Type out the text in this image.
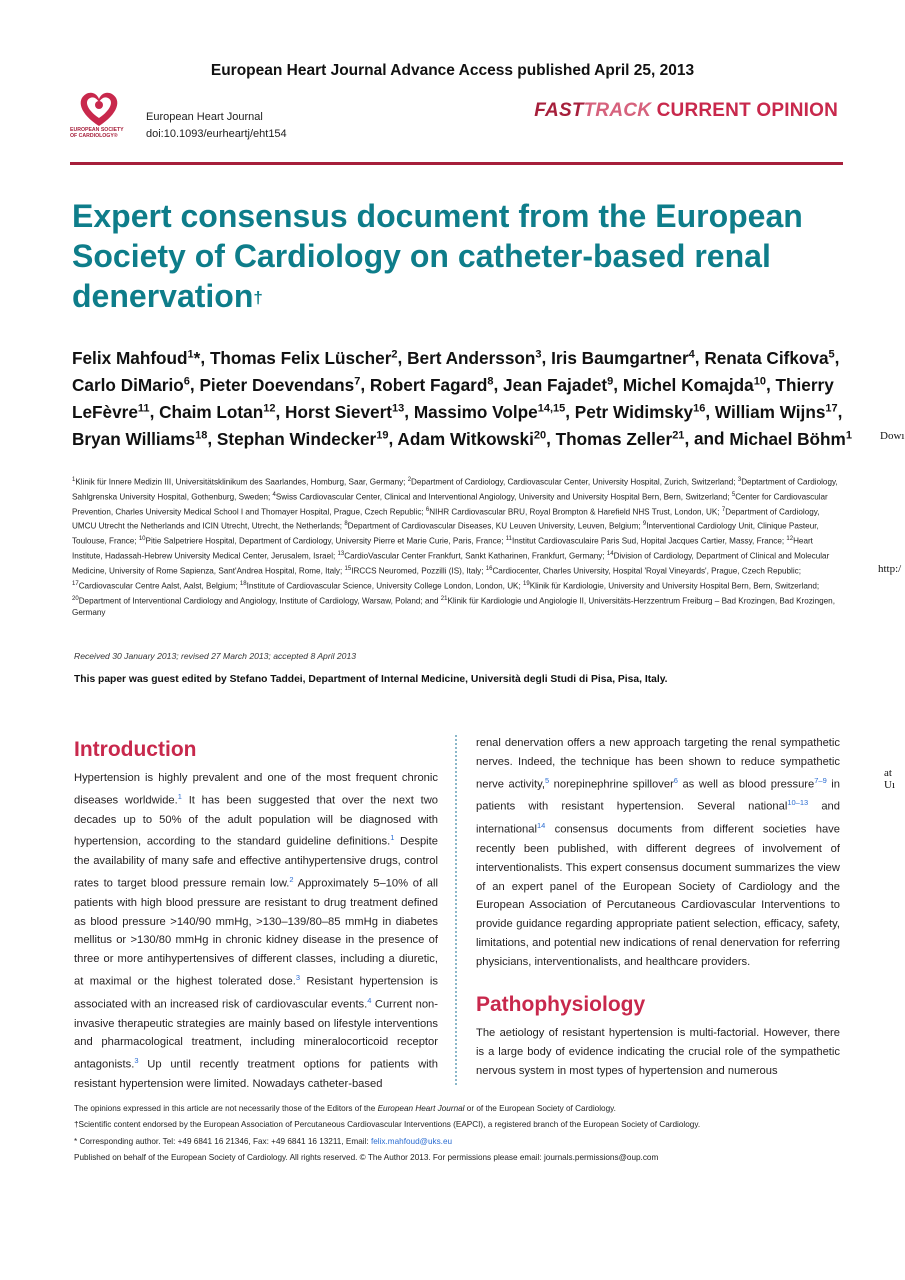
European Heart Journal Advance Access published April 25, 2013
EUROPEAN SOCIETY OF CARDIOLOGY®
European Heart Journal
doi:10.1093/eurheartj/eht154
FASTTRACK CURRENT OPINION
Expert consensus document from the European Society of Cardiology on catheter-based renal denervation†
Felix Mahfoud$^1$*, Thomas Felix Lüscher$^2$, Bert Andersson$^3$, Iris Baumgartner$^4$, Renata Cifkova$^5$, Carlo DiMario$^6$, Pieter Doevendans$^7$, Robert Fagard$^8$, Jean Fajadet$^9$, Michel Komajda$^{10}$, Thierry LeFèvre$^{11}$, Chaim Lotan$^{12}$, Horst Sievert$^{13}$, Massimo Volpe$^{14,15}$, Petr Widimsky$^{16}$, William Wijns$^{17}$, Bryan Williams$^{18}$, Stephan Windecker$^{19}$, Adam Witkowski$^{20}$, Thomas Zeller$^{21}$, and Michael Böhm$^1$
$^1$Klinik für Innere Medizin III, Universitätsklinikum des Saarlandes, Homburg, Saar, Germany; $^2$Department of Cardiology, Cardiovascular Center, University Hospital, Zurich, Switzerland; $^3$Deptartment of Cardiology, Sahlgrenska University Hospital, Gothenburg, Sweden; $^4$Swiss Cardiovascular Center, Clinical and Interventional Angiology, University and University Hospital Bern, Bern, Switzerland; $^5$Center for Cardiovascular Prevention, Charles University Medical School I and Thomayer Hospital, Prague, Czech Republic; $^6$NIHR Cardiovascular BRU, Royal Brompton & Harefield NHS Trust, London, UK; $^7$Department of Cardiology, UMCU Utrecht the Netherlands and ICIN Utrecht, Utrecht, the Netherlands; $^8$Department of Cardiovascular Diseases, KU Leuven University, Leuven, Belgium; $^9$Interventional Cardiology Unit, Clinique Pasteur, Toulouse, France; $^{10}$Pitie Salpetriere Hospital, Department of Cardiology, University Pierre et Marie Curie, Paris, France; $^{11}$Institut Cardiovasculaire Paris Sud, Hopital Jacques Cartier, Massy, France; $^{12}$Heart Institute, Hadassah-Hebrew University Medical Center, Jerusalem, Israel; $^{13}$CardioVascular Center Frankfurt, Sankt Katharinen, Frankfurt, Germany; $^{14}$Division of Cardiology, Department of Clinical and Molecular Medicine, University of Rome Sapienza, Sant'Andrea Hospital, Rome, Italy; $^{15}$IRCCS Neuromed, Pozzilli (IS), Italy; $^{16}$Cardiocenter, Charles University, Hospital 'Royal Vineyards', Prague, Czech Republic; $^{17}$Cardiovascular Centre Aalst, Aalst, Belgium; $^{18}$Institute of Cardiovascular Science, University College London, London, UK; $^{19}$Klinik für Kardiologie, University and University Hospital Bern, Bern, Switzerland; $^{20}$Department of Interventional Cardiology and Angiology, Institute of Cardiology, Warsaw, Poland; and $^{21}$Klinik für Kardiologie und Angiologie II, Universitäts-Herzzentrum Freiburg – Bad Krozingen, Bad Krozingen, Germany
Received 30 January 2013; revised 27 March 2013; accepted 8 April 2013
This paper was guest edited by Stefano Taddei, Department of Internal Medicine, Università degli Studi di Pisa, Pisa, Italy.
Introduction
Hypertension is highly prevalent and one of the most frequent chronic diseases worldwide.$^1$ It has been suggested that over the next two decades up to 50% of the adult population will be diagnosed with hypertension, according to the standard guideline definitions.$^1$ Despite the availability of many safe and effective antihypertensive drugs, control rates to target blood pressure remain low.$^2$ Approximately 5–10% of all patients with high blood pressure are resistant to drug treatment defined as blood pressure >140/90 mmHg, >130–139/80–85 mmHg in diabetes mellitus or >130/80 mmHg in chronic kidney disease in the presence of three or more antihypertensives of different classes, including a diuretic, at maximal or the highest tolerated dose.$^3$ Resistant hypertension is associated with an increased risk of cardiovascular events.$^4$ Current non-invasive therapeutic strategies are mainly based on lifestyle interventions and pharmacological treatment, including mineralocorticoid receptor antagonists.$^3$ Up until recently treatment options for patients with resistant hypertension were limited. Nowadays catheter-based
renal denervation offers a new approach targeting the renal sympathetic nerves. Indeed, the technique has been shown to reduce sympathetic nerve activity,$^5$ norepinephrine spillover$^6$ as well as blood pressure$^{7-9}$ in patients with resistant hypertension. Several national$^{10-13}$ and international$^{14}$ consensus documents from different societies have recently been published, with different degrees of involvement of interventionalists. This expert consensus document summarizes the view of an expert panel of the European Society of Cardiology and the European Association of Percutaneous Cardiovascular Interventions to provide guidance regarding appropriate patient selection, efficacy, safety, limitations, and potential new indications of renal denervation for referring physicians, interventionalists, and healthcare providers.
Pathophysiology
The aetiology of resistant hypertension is multi-factorial. However, there is a large body of evidence indicating the crucial role of the sympathetic nervous system in most types of hypertension and numerous
The opinions expressed in this article are not necessarily those of the Editors of the European Heart Journal or of the European Society of Cardiology.
†Scientific content endorsed by the European Association of Percutaneous Cardiovascular Interventions (EAPCI), a registered branch of the European Society of Cardiology.
* Corresponding author. Tel: +49 6841 16 21346, Fax: +49 6841 16 13211, Email: felix.mahfoud@uks.eu
Published on behalf of the European Society of Cardiology. All rights reserved. © The Author 2013. For permissions please email: journals.permissions@oup.com
Dowı
http:/
at Uı
